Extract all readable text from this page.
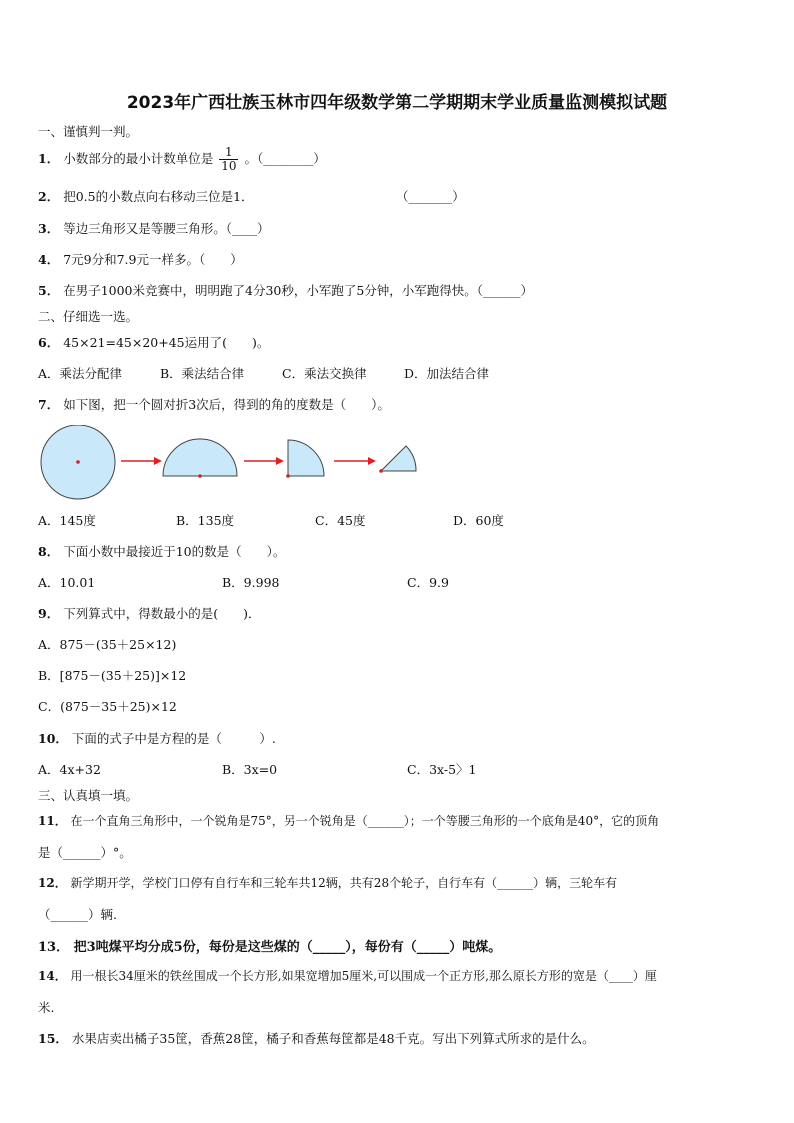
2023年广西壮族玉林市四年级数学第二学期期末学业质量监测模拟试题
一、谨慎判一判。
1． 小数部分的最小计数单位是 $\frac{1}{10}$ 。（________）
2． 把0.5的小数点向右移动三位是1．	（_______）
3． 等边三角形又是等腰三角形。（____）
4． 7元9分和7.9元一样多。（　　）
5． 在男子1000米竞赛中，明明跑了4分30秒，小军跑了5分钟，小军跑得快。（______）
二、仔细选一选。
6． 45×21=45×20+45运用了(　　)。
A．乘法分配律	B．乘法结合律	C．乘法交换律	D．加法结合律
7． 如下图，把一个圆对折3次后，得到的角的度数是（　　）。
A．145度	B．135度	C．45度	D．60度
8． 下面小数中最接近于10的数是（　　）。
A．10.01	B．9.998	C．9.9
9． 下列算式中，得数最小的是(　　)．
A．875－(35＋25×12)
B．[875－(35＋25)]×12
C．(875－35＋25)×12
10． 下面的式子中是方程的是（　　　）.
A．4x+32	B．3x=0	C．3x-5〉1
三、认真填一填。
11． 在一个直角三角形中，一个锐角是75°，另一个锐角是（______）；一个等腰三角形的一个底角是40°，它的顶角
是（______）°。
12． 新学期开学，学校门口停有自行车和三轮车共12辆，共有28个轮子，自行车有（______）辆，三轮车有
（______）辆.
13． 把3吨煤平均分成5份，每份是这些煤的（_____），每份有（_____）吨煤。
14． 用一根长34厘米的铁丝围成一个长方形,如果宽增加5厘米,可以围成一个正方形,那么原长方形的宽是（____）厘
米.
15． 水果店卖出橘子35筐，香蕉28筐，橘子和香蕉每筐都是48千克。写出下列算式所求的是什么。
